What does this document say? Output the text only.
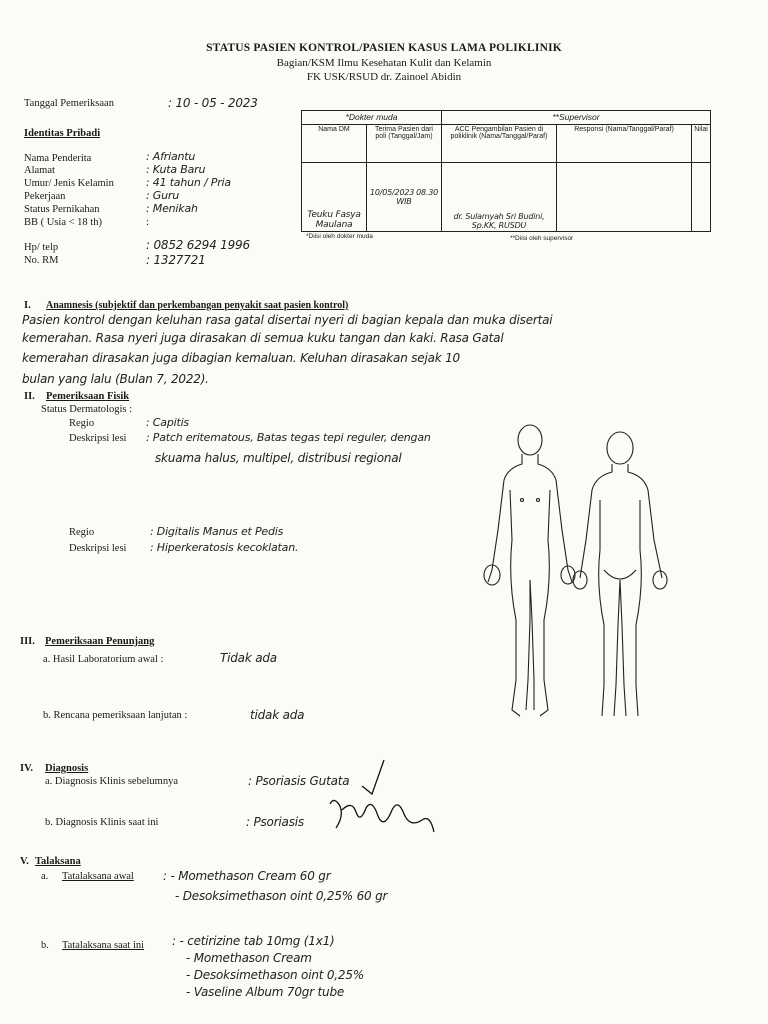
STATUS PASIEN KONTROL/PASIEN KASUS LAMA POLIKLINIK
Bagian/KSM Ilmu Kesehatan Kulit dan Kelamin
FK USK/RSUD dr. Zainoel Abidin
Tanggal Pemeriksaan	: 10 - 05 - 2023
Identitas Pribadi
Nama Penderita	: Afriantu
Alamat	: Kuta Baru
Umur/ Jenis Kelamin	: 41 tahun / Pria
Pekerjaan	: Guru
Status Pernikahan	: Menikah
BB ( Usia < 18 th)	:
Hp/ telp	: 0852 6294 1996
No. RM	: 1327721
*Dokter muda		**Supervisor		
Nama DM	Terima Pasien dari poli (Tanggal/Jam)	ACC Pengambilan Pasien di poliklinik (Nama/Tanggal/Paraf)	Responsi (Nama/Tanggal/Paraf)	Nilai
Teuku Fasya Maulana	10/05/2023 08.30 WIB	dr. Sulamyah Sri Budini, Sp.KK, RUSDU		
*Diisi oleh dokter muda	**Diisi oleh supervisor
I. Anamnesis (subjektif dan perkembangan penyakit saat pasien kontrol)
Pasien kontrol dengan keluhan rasa gatal disertai nyeri di bagian kepala dan muka disertai
kemerahan. Rasa nyeri juga dirasakan di semua kuku tangan dan kaki. Rasa Gatal
kemerahan dirasakan juga dibagian kemaluan. Keluhan dirasakan sejak 10
bulan yang lalu (Bulan 7, 2022).
II. Pemeriksaan Fisik
Status Dermatologis :
Regio	: Capitis
Deskripsi lesi : Patch eritematous, Batas tegas tepi reguler, dengan
skuama halus, multipel, distribusi regional
Regio	: Digitalis Manus et Pedis
Deskripsi lesi : Hiperkeratosis kecoklatan.
III. Pemeriksaan Penunjang
a. Hasil Laboratorium awal :	Tidak ada
b. Rencana pemeriksaan lanjutan :	tidak ada
IV. Diagnosis
a. Diagnosis Klinis sebelumnya	: Psoriasis Gutata
b. Diagnosis Klinis saat ini	: Psoriasis
V. Talaksana
a. Tatalaksana awal : - Momethason Cream 60 gr
- Desoksimethason oint 0,25% 60 gr
b. Tatalaksana saat ini : - cetirizine tab 10mg (1x1)
- Momethason Cream
- Desoksimethason oint 0,25%
- Vaseline Album 70gr tube
